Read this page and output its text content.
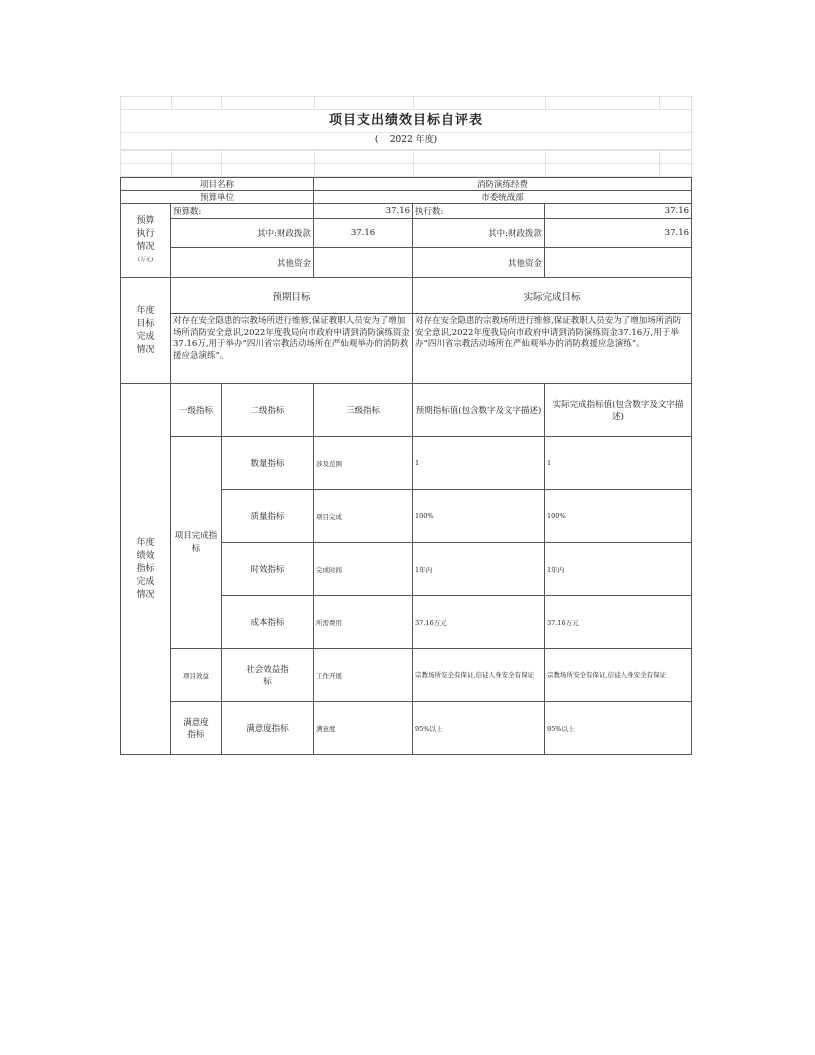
项目支出绩效目标自评表
( 2022 年度)
项目名称			消防演练经费		
预算单位			市委统战部		

预算执行情况
(万元)	预算数:		37.16	执行数:	37.16
	其中:财政拨款		37.16	其中:财政拨款	37.16
	其他资金			其他资金	

年度目标完成情况	预期目标			实际完成目标	
	对存在安全隐患的宗教场所进行维修,保证教职人员安为了增加场所消防安全意识,2022年度我局向市政府申请到消防演练资金37.16万,用于举办“四川省宗教活动场所在严仙观举办的消防救援应急演练”。			对存在安全隐患的宗教场所进行维修,保证教职人员安为了增加场所消防安全意识,2022年度我局向市政府申请到消防演练资金37.16万,用于举办“四川省宗教活动场所在严仙观举办的消防救援应急演练”。	

年度绩效指标完成情况	一级指标	二级指标	三级指标	预期指标值(包含数字及文字描述)	实际完成指标值(包含数字及文字描述)
	项目完成指标	数量指标	涉及范围	1	1
		质量指标	项目完成	100%	100%
		时效指标	完成时间	1年内	1年内
		成本指标	所需费用	37.16万元	37.16万元
	项目效益	社会效益指标	工作开展	宗教场所安全有保证,信徒人身安全有保证	宗教场所安全有保证,信徒人身安全有保证

	满意度指标	满意度指标	满意度	95%以上	95%以上
